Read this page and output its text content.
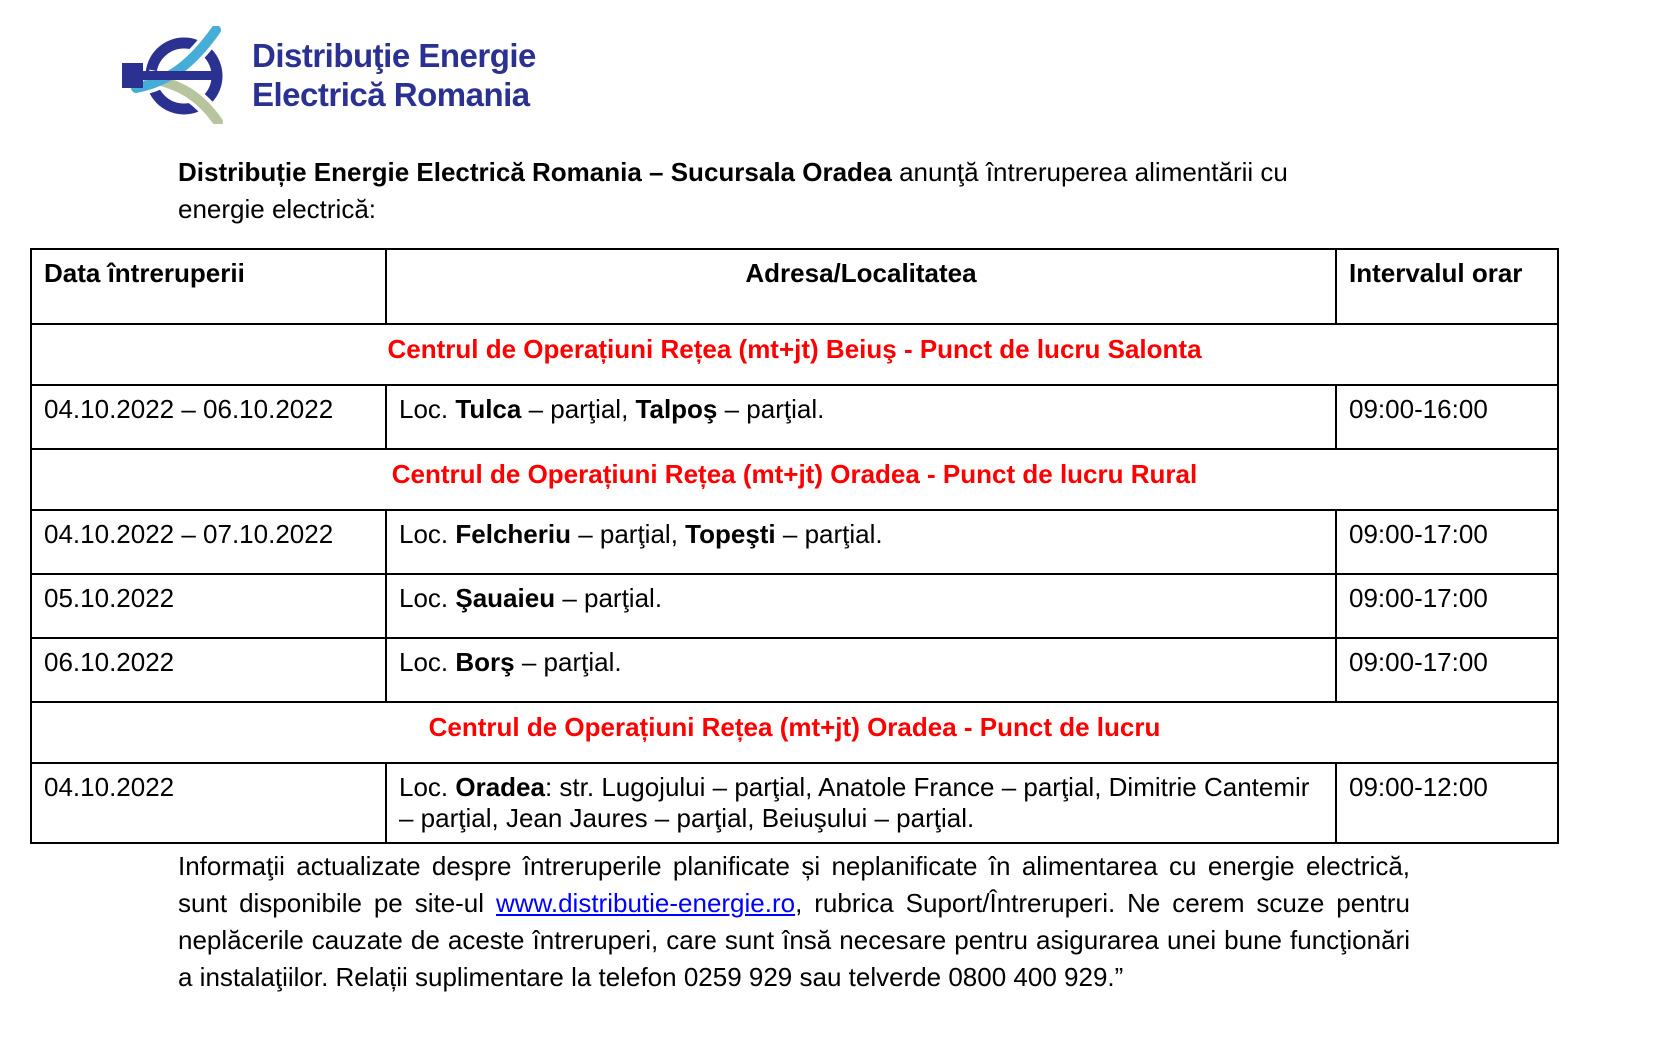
Distribuţie Energie
Electrică Romania

Distribuție Energie Electrică Romania – Sucursala Oradea anunţă întreruperea alimentării cu energie electrică:

Data întreruperii	Adresa/Localitatea	Intervalul orar
Centrul de Operațiuni Rețea (mt+jt) Beiuş - Punct de lucru Salonta		
04.10.2022 – 06.10.2022	Loc. Tulca – parţial, Talpoş – parţial.	09:00-16:00
Centrul de Operațiuni Rețea (mt+jt) Oradea - Punct de lucru Rural		
04.10.2022 – 07.10.2022	Loc. Felcheriu – parţial, Topeşti – parţial.	09:00-17:00
05.10.2022	Loc. Şauaieu – parţial.	09:00-17:00
06.10.2022	Loc. Borş – parţial.	09:00-17:00
Centrul de Operațiuni Rețea (mt+jt) Oradea - Punct de lucru		
04.10.2022	Loc. Oradea: str. Lugojului – parţial, Anatole France – parţial, Dimitrie Cantemir – parţial, Jean Jaures – parţial, Beiuşului – parţial.	09:00-12:00

Informaţii actualizate despre întreruperile planificate și neplanificate în alimentarea cu energie electrică, sunt disponibile pe site-ul www.distributie-energie.ro, rubrica Suport/Întreruperi. Ne cerem scuze pentru neplăcerile cauzate de aceste întreruperi, care sunt însă necesare pentru asigurarea unei bune funcţionări a instalaţiilor. Relații suplimentare la telefon 0259 929 sau telverde 0800 400 929.”
